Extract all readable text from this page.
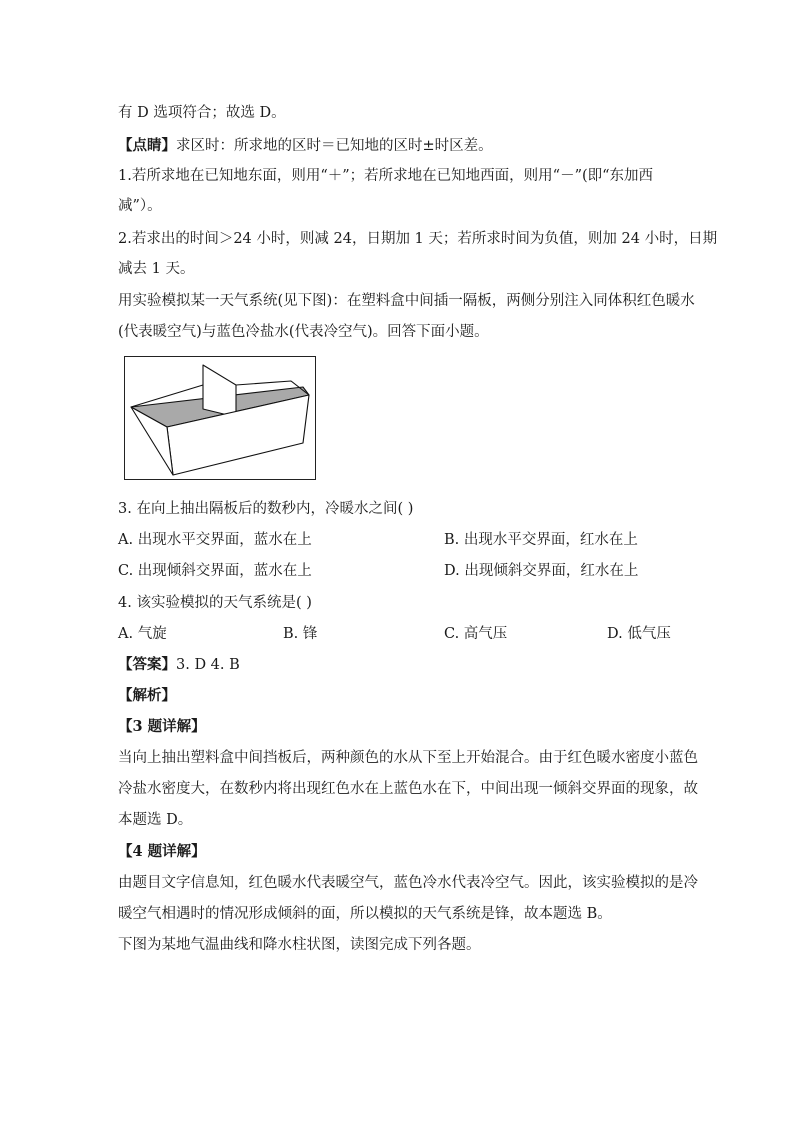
有 D 选项符合；故选 D。
【点睛】求区时：所求地的区时＝已知地的区时±时区差。
1.若所求地在已知地东面，则用“＋”；若所求地在已知地西面，则用“－”(即“东加西
减”）。
2.若求出的时间＞24 小时，则减 24，日期加 1 天；若所求时间为负值，则加 24 小时，日期
减去 1 天。
用实验模拟某一天气系统(见下图)：在塑料盒中间插一隔板，两侧分别注入同体积红色暖水
(代表暖空气)与蓝色冷盐水(代表冷空气)。回答下面小题。
3. 在向上抽出隔板后的数秒内，冷暖水之间( )
A. 出现水平交界面，蓝水在上	B. 出现水平交界面，红水在上
C. 出现倾斜交界面，蓝水在上	D. 出现倾斜交界面，红水在上
4. 该实验模拟的天气系统是( )
A. 气旋	B. 锋	C. 高气压	D. 低气压
【答案】3. D 4. B
【解析】
【3 题详解】
当向上抽出塑料盒中间挡板后，两种颜色的水从下至上开始混合。由于红色暖水密度小蓝色
冷盐水密度大，在数秒内将出现红色水在上蓝色水在下，中间出现一倾斜交界面的现象，故
本题选 D。
【4 题详解】
由题目文字信息知，红色暖水代表暖空气，蓝色冷水代表冷空气。因此，该实验模拟的是冷
暖空气相遇时的情况形成倾斜的面，所以模拟的天气系统是锋，故本题选 B。
下图为某地气温曲线和降水柱状图，读图完成下列各题。
